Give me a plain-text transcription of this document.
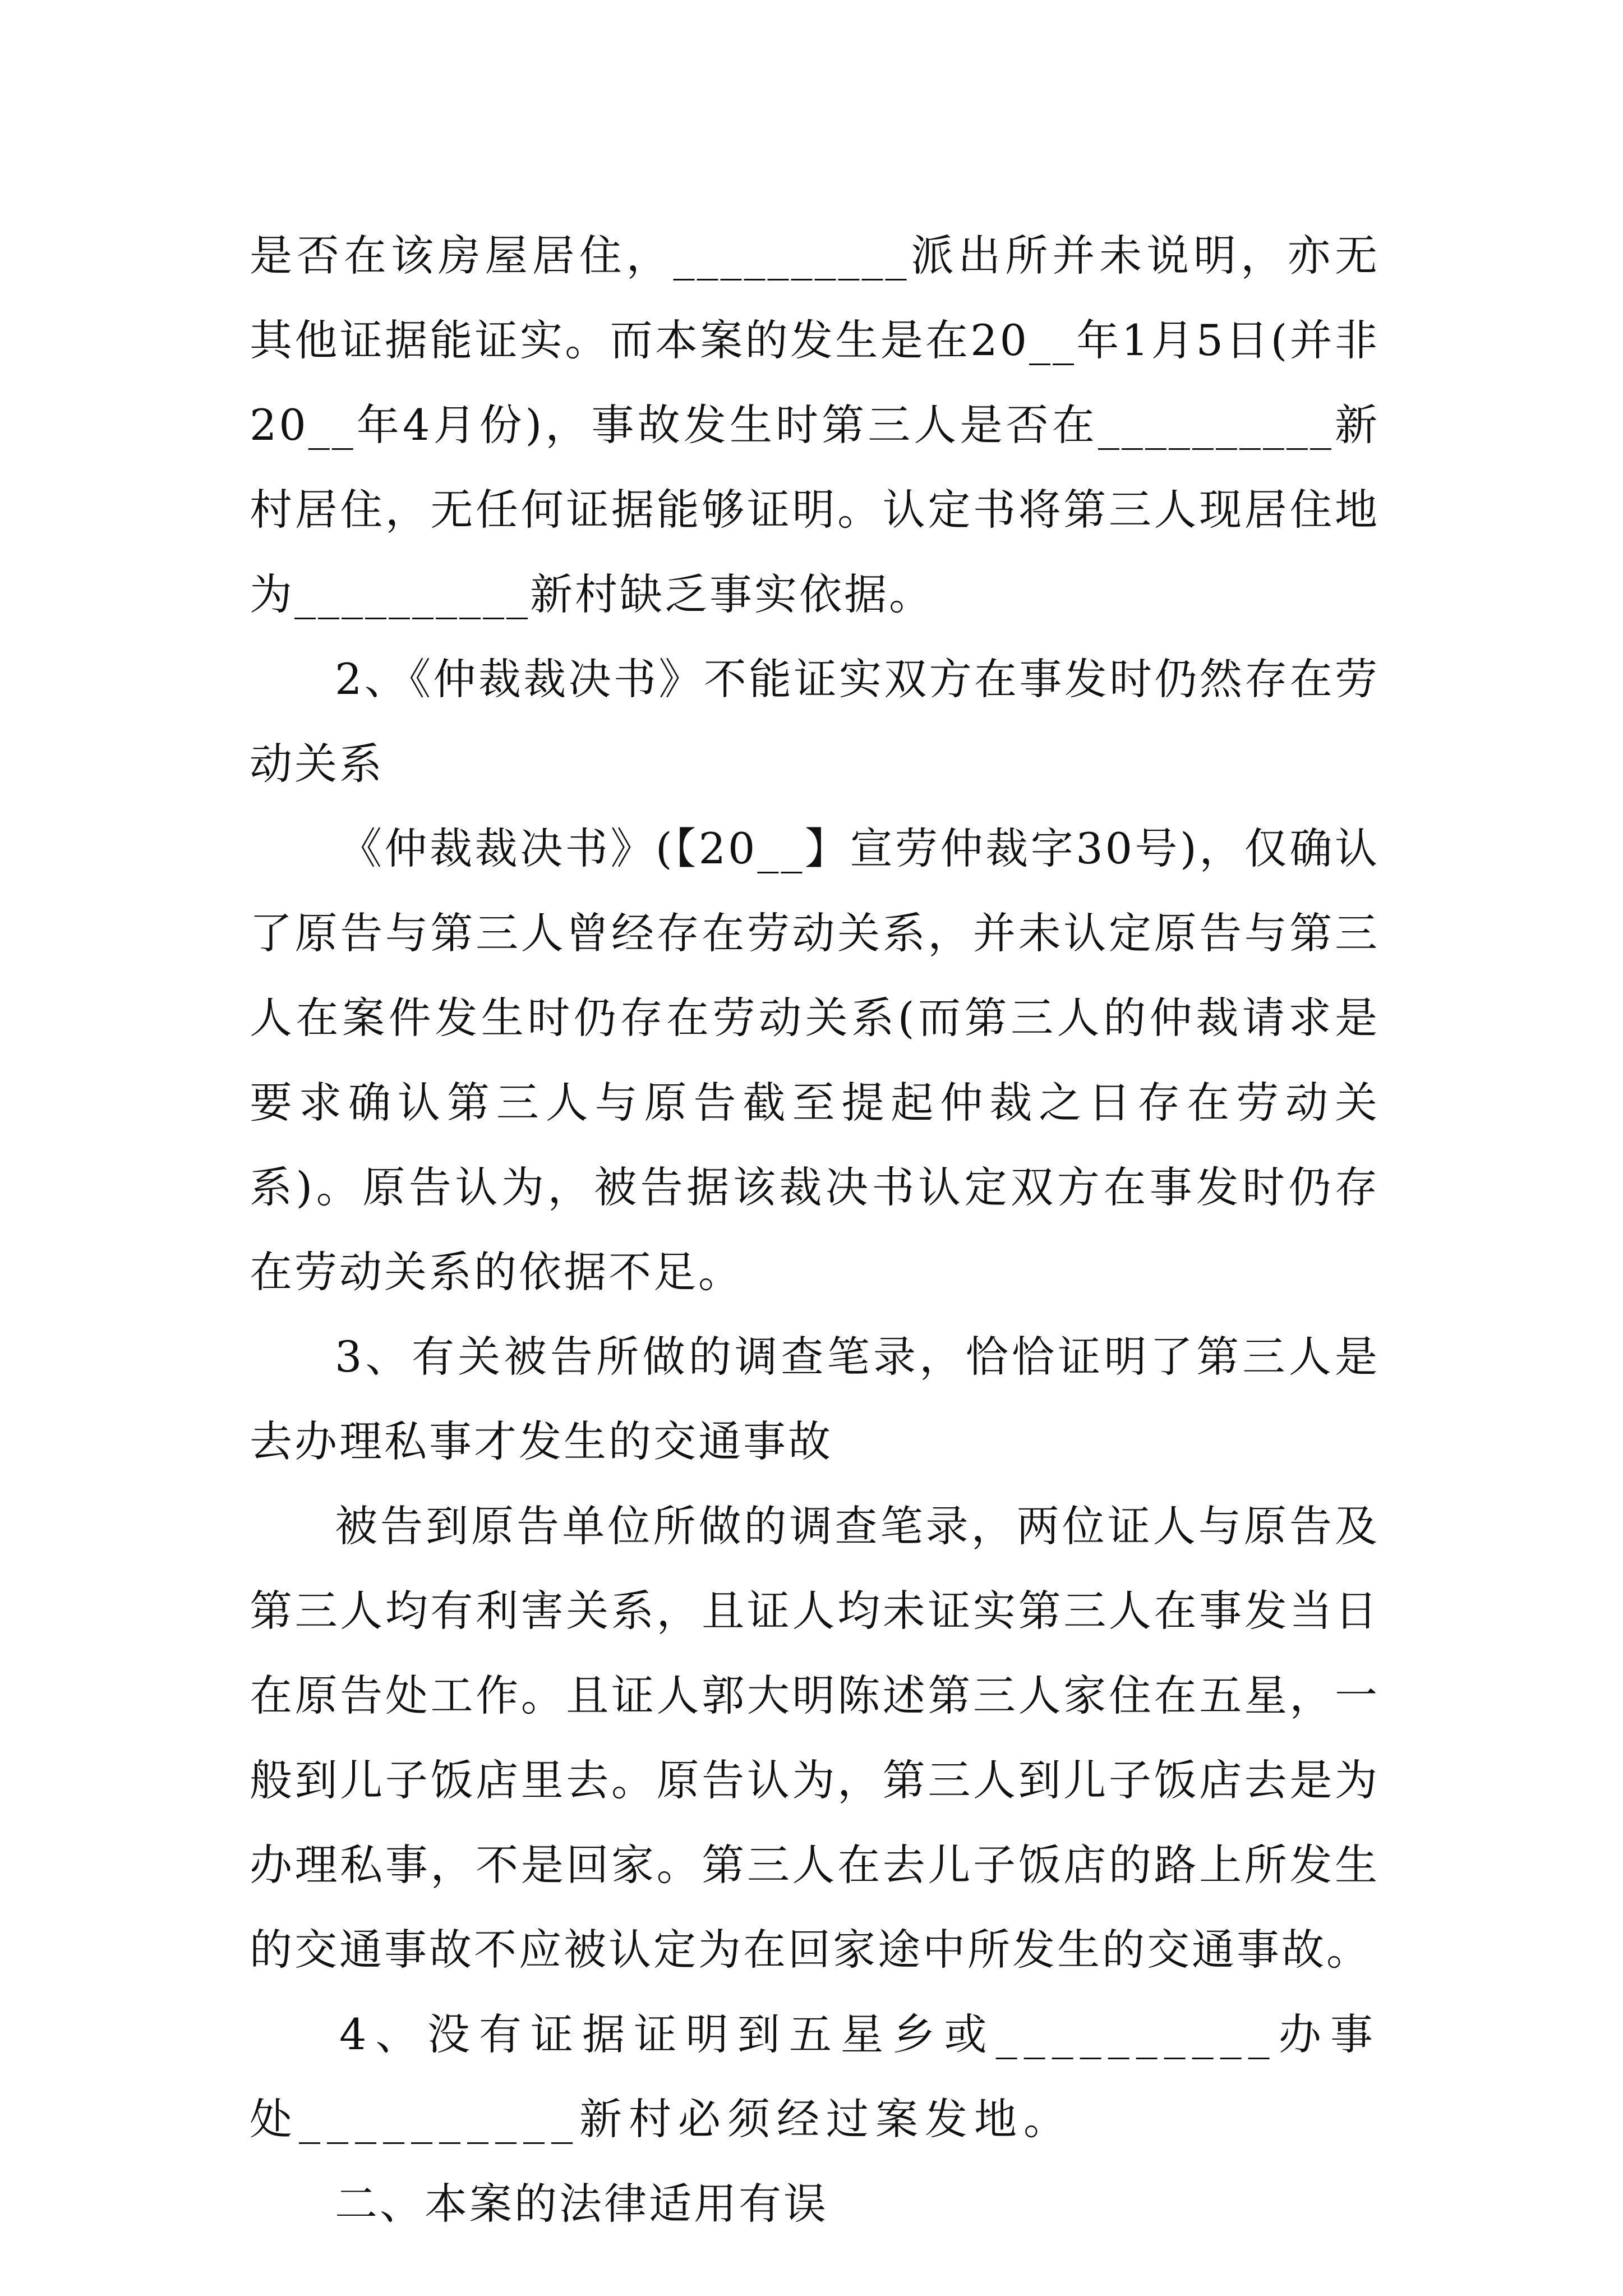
是否在该房屋居住，__________派出所并未说明，亦无其他证据能证实。而本案的发生是在20__年1月5日(并非20__年4月份)，事故发生时第三人是否在__________新村居住，无任何证据能够证明。认定书将第三人现居住地为__________新村缺乏事实依据。

2、《仲裁裁决书》不能证实双方在事发时仍然存在劳动关系

《仲裁裁决书》(【20__】宣劳仲裁字30号)，仅确认了原告与第三人曾经存在劳动关系，并未认定原告与第三人在案件发生时仍存在劳动关系(而第三人的仲裁请求是要求确认第三人与原告截至提起仲裁之日存在劳动关系)。原告认为，被告据该裁决书认定双方在事发时仍存在劳动关系的依据不足。

3、有关被告所做的调查笔录，恰恰证明了第三人是去办理私事才发生的交通事故

被告到原告单位所做的调查笔录，两位证人与原告及第三人均有利害关系，且证人均未证实第三人在事发当日在原告处工作。且证人郭大明陈述第三人家住在五星，一般到儿子饭店里去。原告认为，第三人到儿子饭店去是为办理私事，不是回家。第三人在去儿子饭店的路上所发生的交通事故不应被认定为在回家途中所发生的交通事故。

4、没有证据证明到五星乡或__________办事处__________新村必须经过案发地。

二、本案的法律适用有误
